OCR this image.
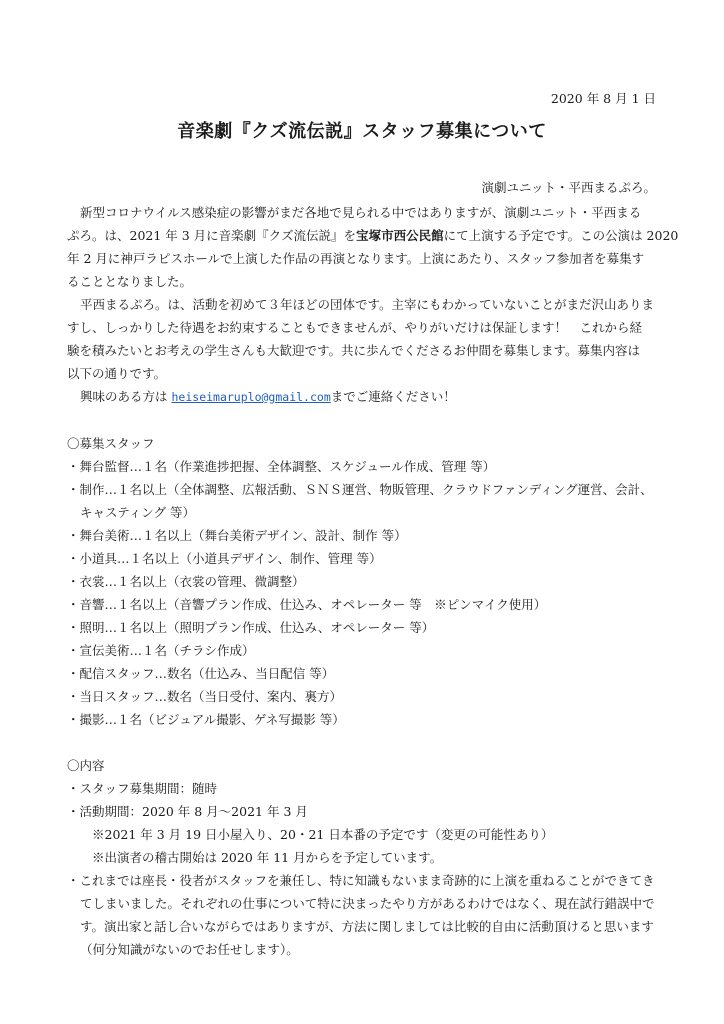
2020 年 8 月 1 日
音楽劇『クズ流伝説』スタッフ募集について
演劇ユニット・平西まるぷろ。
新型コロナウイルス感染症の影響がまだ各地で見られる中ではありますが、演劇ユニット・平西まる
ぷろ。は、2021 年 3 月に音楽劇『クズ流伝説』を宝塚市西公民館にて上演する予定です。この公演は 2020
年 2 月に神戸ラピスホールで上演した作品の再演となります。上演にあたり、スタッフ参加者を募集す
ることとなりました。
平西まるぷろ。は、活動を初めて３年ほどの団体です。主宰にもわかっていないことがまだ沢山ありま
すし、しっかりした待遇をお約束することもできませんが、やりがいだけは保証します！　これから経
験を積みたいとお考えの学生さんも大歓迎です。共に歩んでくださるお仲間を募集します。募集内容は
以下の通りです。
興味のある方は heiseimaruplo@gmail.comまでご連絡ください！
〇募集スタッフ
・舞台監督…１名（作業進捗把握、全体調整、スケジュール作成、管理 等）
・制作…１名以上（全体調整、広報活動、ＳＮＳ運営、物販管理、クラウドファンディング運営、会計、
キャスティング 等）
・舞台美術…１名以上（舞台美術デザイン、設計、制作 等）
・小道具…１名以上（小道具デザイン、制作、管理 等）
・衣裳…１名以上（衣裳の管理、微調整）
・音響…１名以上（音響プラン作成、仕込み、オペレーター 等　※ピンマイク使用）
・照明…１名以上（照明プラン作成、仕込み、オペレーター 等）
・宣伝美術…１名（チラシ作成）
・配信スタッフ…数名（仕込み、当日配信 等）
・当日スタッフ…数名（当日受付、案内、裏方）
・撮影…１名（ビジュアル撮影、ゲネ写撮影 等）
〇内容
・スタッフ募集期間：随時
・活動期間：2020 年 8 月～2021 年 3 月
※2021 年 3 月 19 日小屋入り、20・21 日本番の予定です（変更の可能性あり）
※出演者の稽古開始は 2020 年 11 月からを予定しています。
・これまでは座長・役者がスタッフを兼任し、特に知識もないまま奇跡的に上演を重ねることができてき
てしまいました。それぞれの仕事について特に決まったやり方があるわけではなく、現在試行錯誤中で
す。演出家と話し合いながらではありますが、方法に関しましては比較的自由に活動頂けると思います
（何分知識がないのでお任せします）。
